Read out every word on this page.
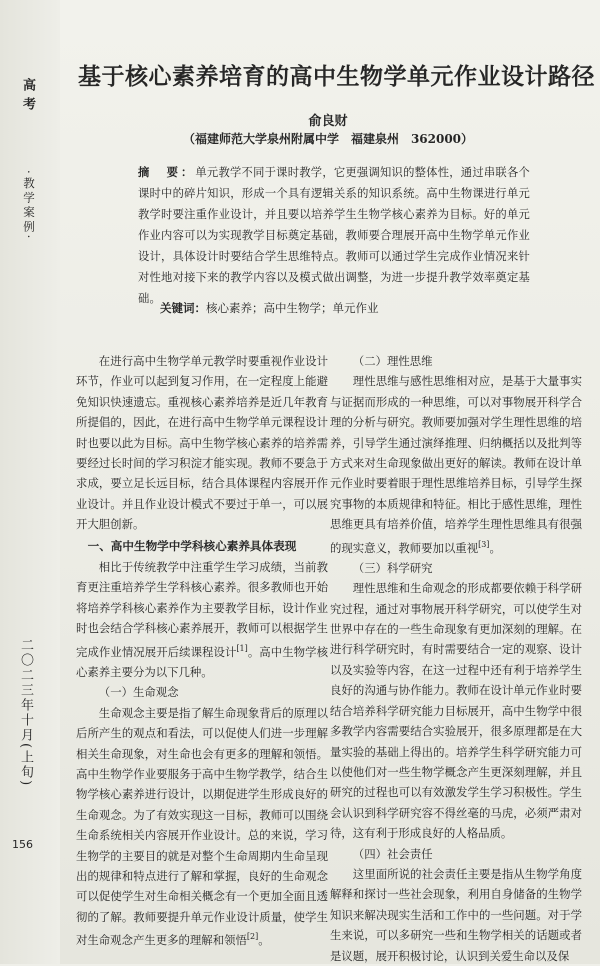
高考
·教学案例·
二〇二三年十月(上旬)
156
基于核心素养培育的高中生物学单元作业设计路径
俞良财
（福建师范大学泉州附属中学　福建泉州　362000）
摘　要：单元教学不同于课时教学，它更强调知识的整体性，通过串联各个课时中的碎片知识，形成一个具有逻辑关系的知识系统。高中生物课进行单元教学时要注重作业设计，并且要以培养学生生物学核心素养为目标。好的单元作业内容可以为实现教学目标奠定基础，教师要合理展开高中生物学单元作业设计，具体设计时要结合学生思维特点。教师可以通过学生完成作业情况来针对性地对接下来的教学内容以及模式做出调整，为进一步提升教学效率奠定基础。
关键词：核心素养；高中生物学；单元作业

在进行高中生物学单元教学时要重视作业设计环节，作业可以起到复习作用，在一定程度上能避免知识快速遗忘。重视核心素养培养是近几年教育所提倡的，因此，在进行高中生物学单元课程设计时也要以此为目标。高中生物学核心素养的培养需要经过长时间的学习积淀才能实现。教师不要急于求成，要立足长远目标，结合具体课程内容展开作业设计。并且作业设计模式不要过于单一，可以展开大胆创新。

一、高中生物学中学科核心素养具体表现

相比于传统教学中注重学生学习成绩，当前教育更注重培养学生学科核心素养。很多教师也开始将培养学科核心素养作为主要教学目标，设计作业时也会结合学科核心素养展开，教师可以根据学生完成作业情况展开后续课程设计[1]。高中生物学核心素养主要分为以下几种。

（一）生命观念

生命观念主要是指了解生命现象背后的原理以后所产生的观点和看法，可以促使人们进一步理解相关生命现象，对生命也会有更多的理解和领悟。高中生物学作业要服务于高中生物学教学，结合生物学核心素养进行设计，以期促进学生形成良好的生命观念。为了有效实现这一目标，教师可以围绕生命系统相关内容展开作业设计。总的来说，学习生物学的主要目的就是对整个生命周期内生命呈现出的规律和特点进行了解和掌握，良好的生命观念可以促使学生对生命相关概念有一个更加全面且透彻的了解。教师要提升单元作业设计质量，使学生对生命观念产生更多的理解和领悟[2]。

（二）理性思维

理性思维与感性思维相对应，是基于大量事实与证据而形成的一种思维，可以对事物展开科学合理的分析与研究。教师要加强对学生理性思维的培养，引导学生通过演绎推理、归纳概括以及批判等方式来对生命现象做出更好的解读。教师在设计单元作业时要着眼于理性思维培养目标，引导学生探究事物的本质规律和特征。相比于感性思维，理性思维更具有培养价值，培养学生理性思维具有很强的现实意义，教师要加以重视[3]。

（三）科学研究

理性思维和生命观念的形成都要依赖于科学研究过程，通过对事物展开科学研究，可以使学生对世界中存在的一些生命现象有更加深刻的理解。在进行科学研究时，有时需要结合一定的观察、设计以及实验等内容，在这一过程中还有利于培养学生良好的沟通与协作能力。教师在设计单元作业时要结合培养科学研究能力目标展开，高中生物学中很多教学内容需要结合实验展开，很多原理都是在大量实验的基础上得出的。培养学生科学研究能力可以使他们对一些生物学概念产生更深刻理解，并且研究的过程也可以有效激发学生学习积极性。学生会认识到科学研究容不得丝毫的马虎，必须严肃对待，这有利于形成良好的人格品质。

（四）社会责任

这里面所说的社会责任主要是指从生物学角度解释和探讨一些社会现象，利用自身储备的生物学知识来解决现实生活和工作中的一些问题。对于学生来说，可以多研究一些和生物学相关的话题或者是议题，展开积极讨论，认识到关爱生命以及保
